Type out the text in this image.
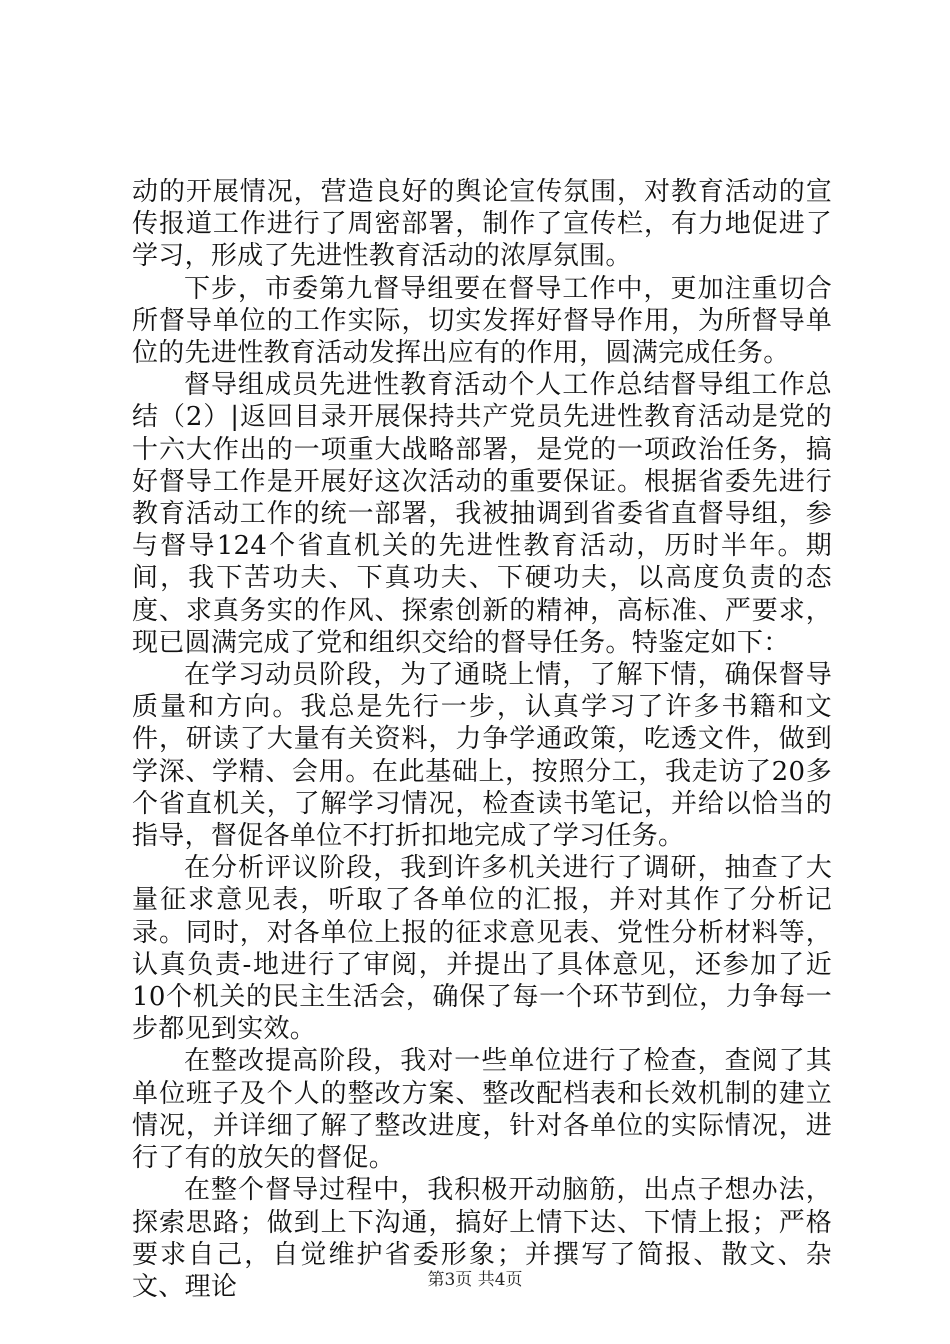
动的开展情况，营造良好的舆论宣传氛围，对教育活动的宣传报道工作进行了周密部署，制作了宣传栏，有力地促进了学习，形成了先进性教育活动的浓厚氛围。

下步，市委第九督导组要在督导工作中，更加注重切合所督导单位的工作实际，切实发挥好督导作用，为所督导单位的先进性教育活动发挥出应有的作用，圆满完成任务。

督导组成员先进性教育活动个人工作总结督导组工作总结（2）|返回目录开展保持共产党员先进性教育活动是党的十六大作出的一项重大战略部署，是党的一项政治任务，搞好督导工作是开展好这次活动的重要保证。根据省委先进行教育活动工作的统一部署，我被抽调到省委省直督导组，参与督导124个省直机关的先进性教育活动，历时半年。期间，我下苦功夫、下真功夫、下硬功夫，以高度负责的态度、求真务实的作风、探索创新的精神，高标准、严要求，现已圆满完成了党和组织交给的督导任务。特鉴定如下：

在学习动员阶段，为了通晓上情，了解下情，确保督导质量和方向。我总是先行一步，认真学习了许多书籍和文件，研读了大量有关资料，力争学通政策，吃透文件，做到学深、学精、会用。在此基础上，按照分工，我走访了20多个省直机关，了解学习情况，检查读书笔记，并给以恰当的指导，督促各单位不打折扣地完成了学习任务。

在分析评议阶段，我到许多机关进行了调研，抽查了大量征求意见表，听取了各单位的汇报，并对其作了分析记录。同时，对各单位上报的征求意见表、党性分析材料等，认真负责-地进行了审阅，并提出了具体意见，还参加了近10个机关的民主生活会，确保了每一个环节到位，力争每一步都见到实效。

在整改提高阶段，我对一些单位进行了检查，查阅了其单位班子及个人的整改方案、整改配档表和长效机制的建立情况，并详细了解了整改进度，针对各单位的实际情况，进行了有的放矢的督促。

在整个督导过程中，我积极开动脑筋，出点子想办法，探索思路；做到上下沟通，搞好上情下达、下情上报；严格要求自己，自觉维护省委形象；并撰写了简报、散文、杂文、理论	第3页 共4页
